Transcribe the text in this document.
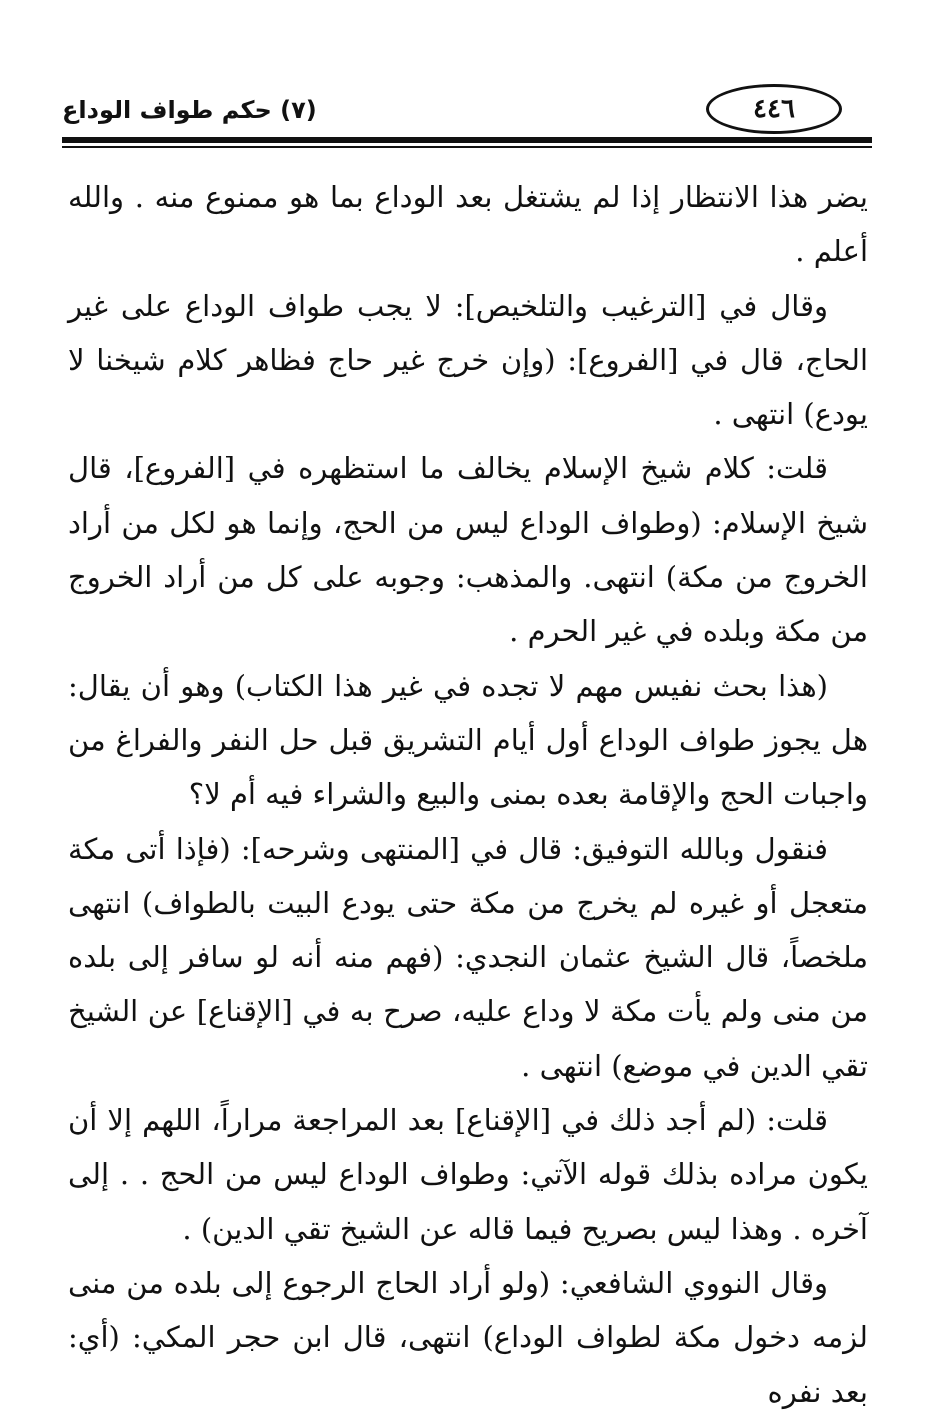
٤٤٦
(٧) حكم طواف الوداع

يضر هذا الانتظار إذا لم يشتغل بعد الوداع بما هو ممنوع منه . والله أعلم .

وقال في [الترغيب والتلخيص]: لا يجب طواف الوداع على غير الحاج، قال في [الفروع]: (وإن خرج غير حاج فظاهر كلام شيخنا لا يودع) انتهى .

قلت: كلام شيخ الإسلام يخالف ما استظهره في [الفروع]، قال شيخ الإسلام: (وطواف الوداع ليس من الحج، وإنما هو لكل من أراد الخروج من مكة) انتهى. والمذهب: وجوبه على كل من أراد الخروج من مكة وبلده في غير الحرم .

(هذا بحث نفيس مهم لا تجده في غير هذا الكتاب) وهو أن يقال: هل يجوز طواف الوداع أول أيام التشريق قبل حل النفر والفراغ من واجبات الحج والإقامة بعده بمنى والبيع والشراء فيه أم لا؟

فنقول وبالله التوفيق: قال في [المنتهى وشرحه]: (فإذا أتى مكة متعجل أو غيره لم يخرج من مكة حتى يودع البيت بالطواف) انتهى ملخصاً، قال الشيخ عثمان النجدي: (فهم منه أنه لو سافر إلى بلده من منى ولم يأت مكة لا وداع عليه، صرح به في [الإقناع] عن الشيخ تقي الدين في موضع) انتهى .

قلت: (لم أجد ذلك في [الإقناع] بعد المراجعة مراراً، اللهم إلا أن يكون مراده بذلك قوله الآتي: وطواف الوداع ليس من الحج . . إلى آخره . وهذا ليس بصريح فيما قاله عن الشيخ تقي الدين) .

وقال النووي الشافعي: (ولو أراد الحاج الرجوع إلى بلده من منى لزمه دخول مكة لطواف الوداع) انتهى، قال ابن حجر المكي: (أي: بعد نفره
